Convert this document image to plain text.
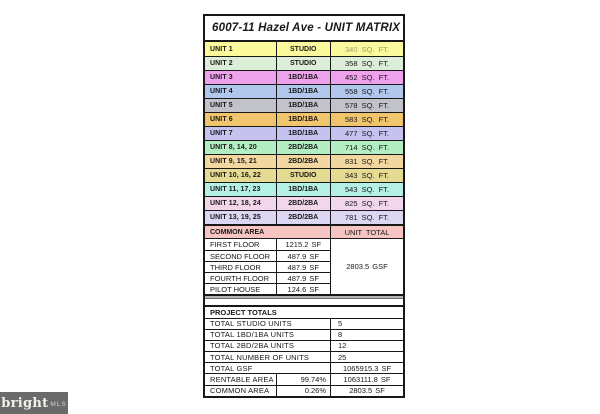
6007-11 Hazel Ave - UNIT MATRIX
UNIT 1	STUDIO	340 SQ. FT.
UNIT 2	STUDIO	358 SQ. FT.
UNIT 3	1BD/1BA	452 SQ. FT.
UNIT 4	1BD/1BA	558 SQ. FT.
UNIT 5	1BD/1BA	578 SQ. FT.
UNIT 6	1BD/1BA	583 SQ. FT.
UNIT 7	1BD/1BA	477 SQ. FT.
UNIT 8, 14, 20	2BD/2BA	714 SQ. FT.
UNIT 9, 15, 21	2BD/2BA	831 SQ. FT.
UNIT 10, 16, 22	STUDIO	343 SQ. FT.
UNIT 11, 17, 23	1BD/1BA	543 SQ. FT.
UNIT 12, 18, 24	2BD/2BA	825 SQ. FT.
UNIT 13, 19, 25	2BD/2BA	781 SQ. FT.
COMMON AREA	UNIT TOTAL
FIRST FLOOR	1215.2 SF
SECOND FLOOR	487.9 SF
THIRD FLOOR	487.9 SF
FOURTH FLOOR	487.9 SF
PILOT HOUSE	124.6 SF
2803.5 GSF
PROJECT TOTALS
TOTAL STUDIO UNITS	5
TOTAL 1BD/1BA UNITS	8
TOTAL 2BD/2BA UNITS	12
TOTAL NUMBER OF UNITS	25
TOTAL GSF	1065915.3 SF
RENTABLE AREA	99.74%	1063111.8 SF
COMMON AREA	0.26%	2803.5 SF
bright MLS
